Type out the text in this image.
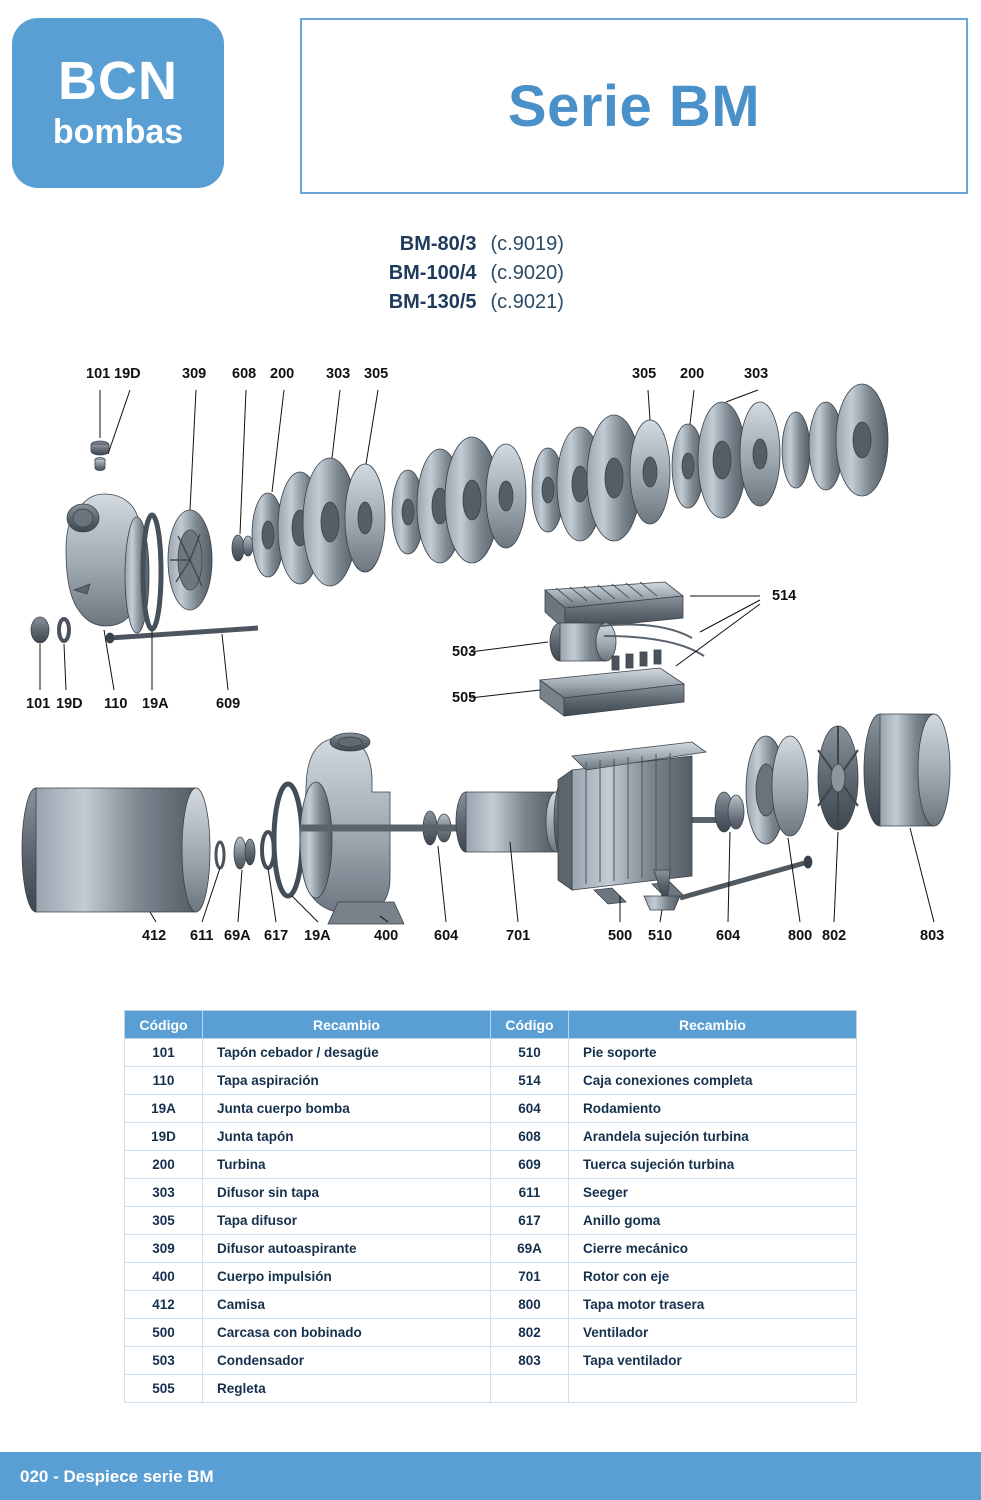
BCN
bombas	Serie BM
BM-80/3 (c.9019)
BM-100/4 (c.9020)
BM-130/5 (c.9021)
101 19D	309 608 200 303 305	305 200	303
101 19D 110 19A	609
514
503
505
412 611 69A 617 19A	400 604	701	500 510	604	800 802	803
Código	Recambio	Código	Recambio
101	Tapón cebador / desagüe	510	Pie soporte
110	Tapa aspiración	514	Caja conexiones completa
19A	Junta cuerpo bomba	604	Rodamiento
19D	Junta tapón	608	Arandela sujeción turbina
200	Turbina	609	Tuerca sujeción turbina
303	Difusor sin tapa	611	Seeger
305	Tapa difusor	617	Anillo goma
309	Difusor autoaspirante	69A	Cierre mecánico
400	Cuerpo impulsión	701	Rotor con eje
412	Camisa	800	Tapa motor trasera
500	Carcasa con bobinado	802	Ventilador
503	Condensador	803	Tapa ventilador
505	Regleta		
020 - Despiece serie BM
